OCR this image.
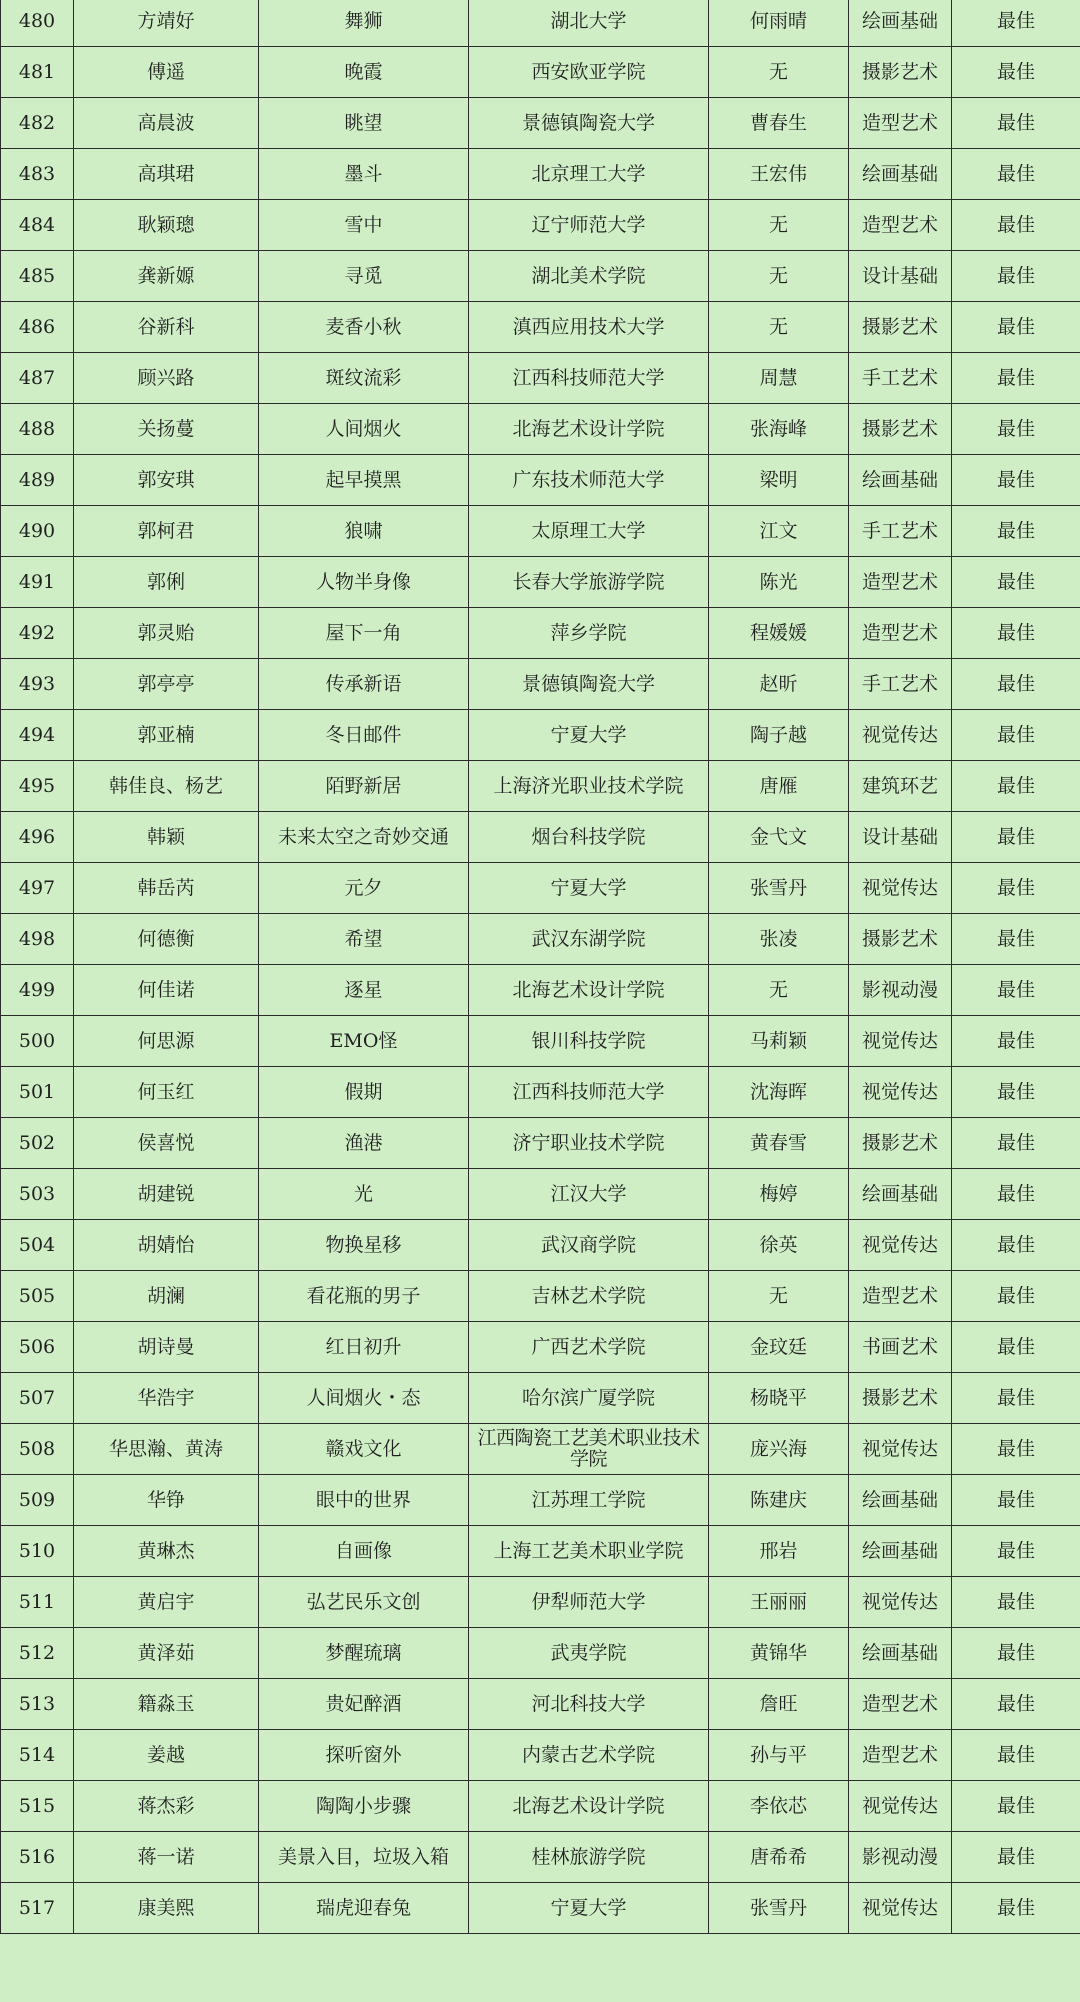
480	方靖好	舞狮	湖北大学	何雨晴	绘画基础	最佳
481	傅遥	晚霞	西安欧亚学院	无	摄影艺术	最佳
482	高晨波	眺望	景德镇陶瓷大学	曹春生	造型艺术	最佳
483	高琪珺	墨斗	北京理工大学	王宏伟	绘画基础	最佳
484	耿颖璁	雪中	辽宁师范大学	无	造型艺术	最佳
485	龚新嫄	寻觅	湖北美术学院	无	设计基础	最佳
486	谷新科	麦香小秋	滇西应用技术大学	无	摄影艺术	最佳
487	顾兴路	斑纹流彩	江西科技师范大学	周慧	手工艺术	最佳
488	关扬蔓	人间烟火	北海艺术设计学院	张海峰	摄影艺术	最佳
489	郭安琪	起早摸黑	广东技术师范大学	梁明	绘画基础	最佳
490	郭柯君	狼啸	太原理工大学	江文	手工艺术	最佳
491	郭俐	人物半身像	长春大学旅游学院	陈光	造型艺术	最佳
492	郭灵贻	屋下一角	萍乡学院	程媛媛	造型艺术	最佳
493	郭亭亭	传承新语	景德镇陶瓷大学	赵昕	手工艺术	最佳
494	郭亚楠	冬日邮件	宁夏大学	陶子越	视觉传达	最佳
495	韩佳良、杨艺	陌野新居	上海济光职业技术学院	唐雁	建筑环艺	最佳
496	韩颖	未来太空之奇妙交通	烟台科技学院	金弋文	设计基础	最佳
497	韩岳芮	元夕	宁夏大学	张雪丹	视觉传达	最佳
498	何德衡	希望	武汉东湖学院	张凌	摄影艺术	最佳
499	何佳诺	逐星	北海艺术设计学院	无	影视动漫	最佳
500	何思源	EMO怪	银川科技学院	马莉颖	视觉传达	最佳
501	何玉红	假期	江西科技师范大学	沈海晖	视觉传达	最佳
502	侯喜悦	渔港	济宁职业技术学院	黄春雪	摄影艺术	最佳
503	胡建锐	光	江汉大学	梅婷	绘画基础	最佳
504	胡婧怡	物换星移	武汉商学院	徐英	视觉传达	最佳
505	胡澜	看花瓶的男子	吉林艺术学院	无	造型艺术	最佳
506	胡诗曼	红日初升	广西艺术学院	金玟廷	书画艺术	最佳
507	华浩宇	人间烟火・态	哈尔滨广厦学院	杨晓平	摄影艺术	最佳
508	华思瀚、黄涛	赣戏文化	江西陶瓷工艺美术职业技术学院	庞兴海	视觉传达	最佳
509	华铮	眼中的世界	江苏理工学院	陈建庆	绘画基础	最佳
510	黄琳杰	自画像	上海工艺美术职业学院	邢岩	绘画基础	最佳
511	黄启宇	弘艺民乐文创	伊犁师范大学	王丽丽	视觉传达	最佳
512	黄泽茹	梦醒琉璃	武夷学院	黄锦华	绘画基础	最佳
513	籍淼玉	贵妃醉酒	河北科技大学	詹旺	造型艺术	最佳
514	姜越	探听窗外	内蒙古艺术学院	孙与平	造型艺术	最佳
515	蒋杰彩	陶陶小步骤	北海艺术设计学院	李依芯	视觉传达	最佳
516	蒋一诺	美景入目，垃圾入箱	桂林旅游学院	唐希希	影视动漫	最佳
517	康美熙	瑞虎迎春兔	宁夏大学	张雪丹	视觉传达	最佳
